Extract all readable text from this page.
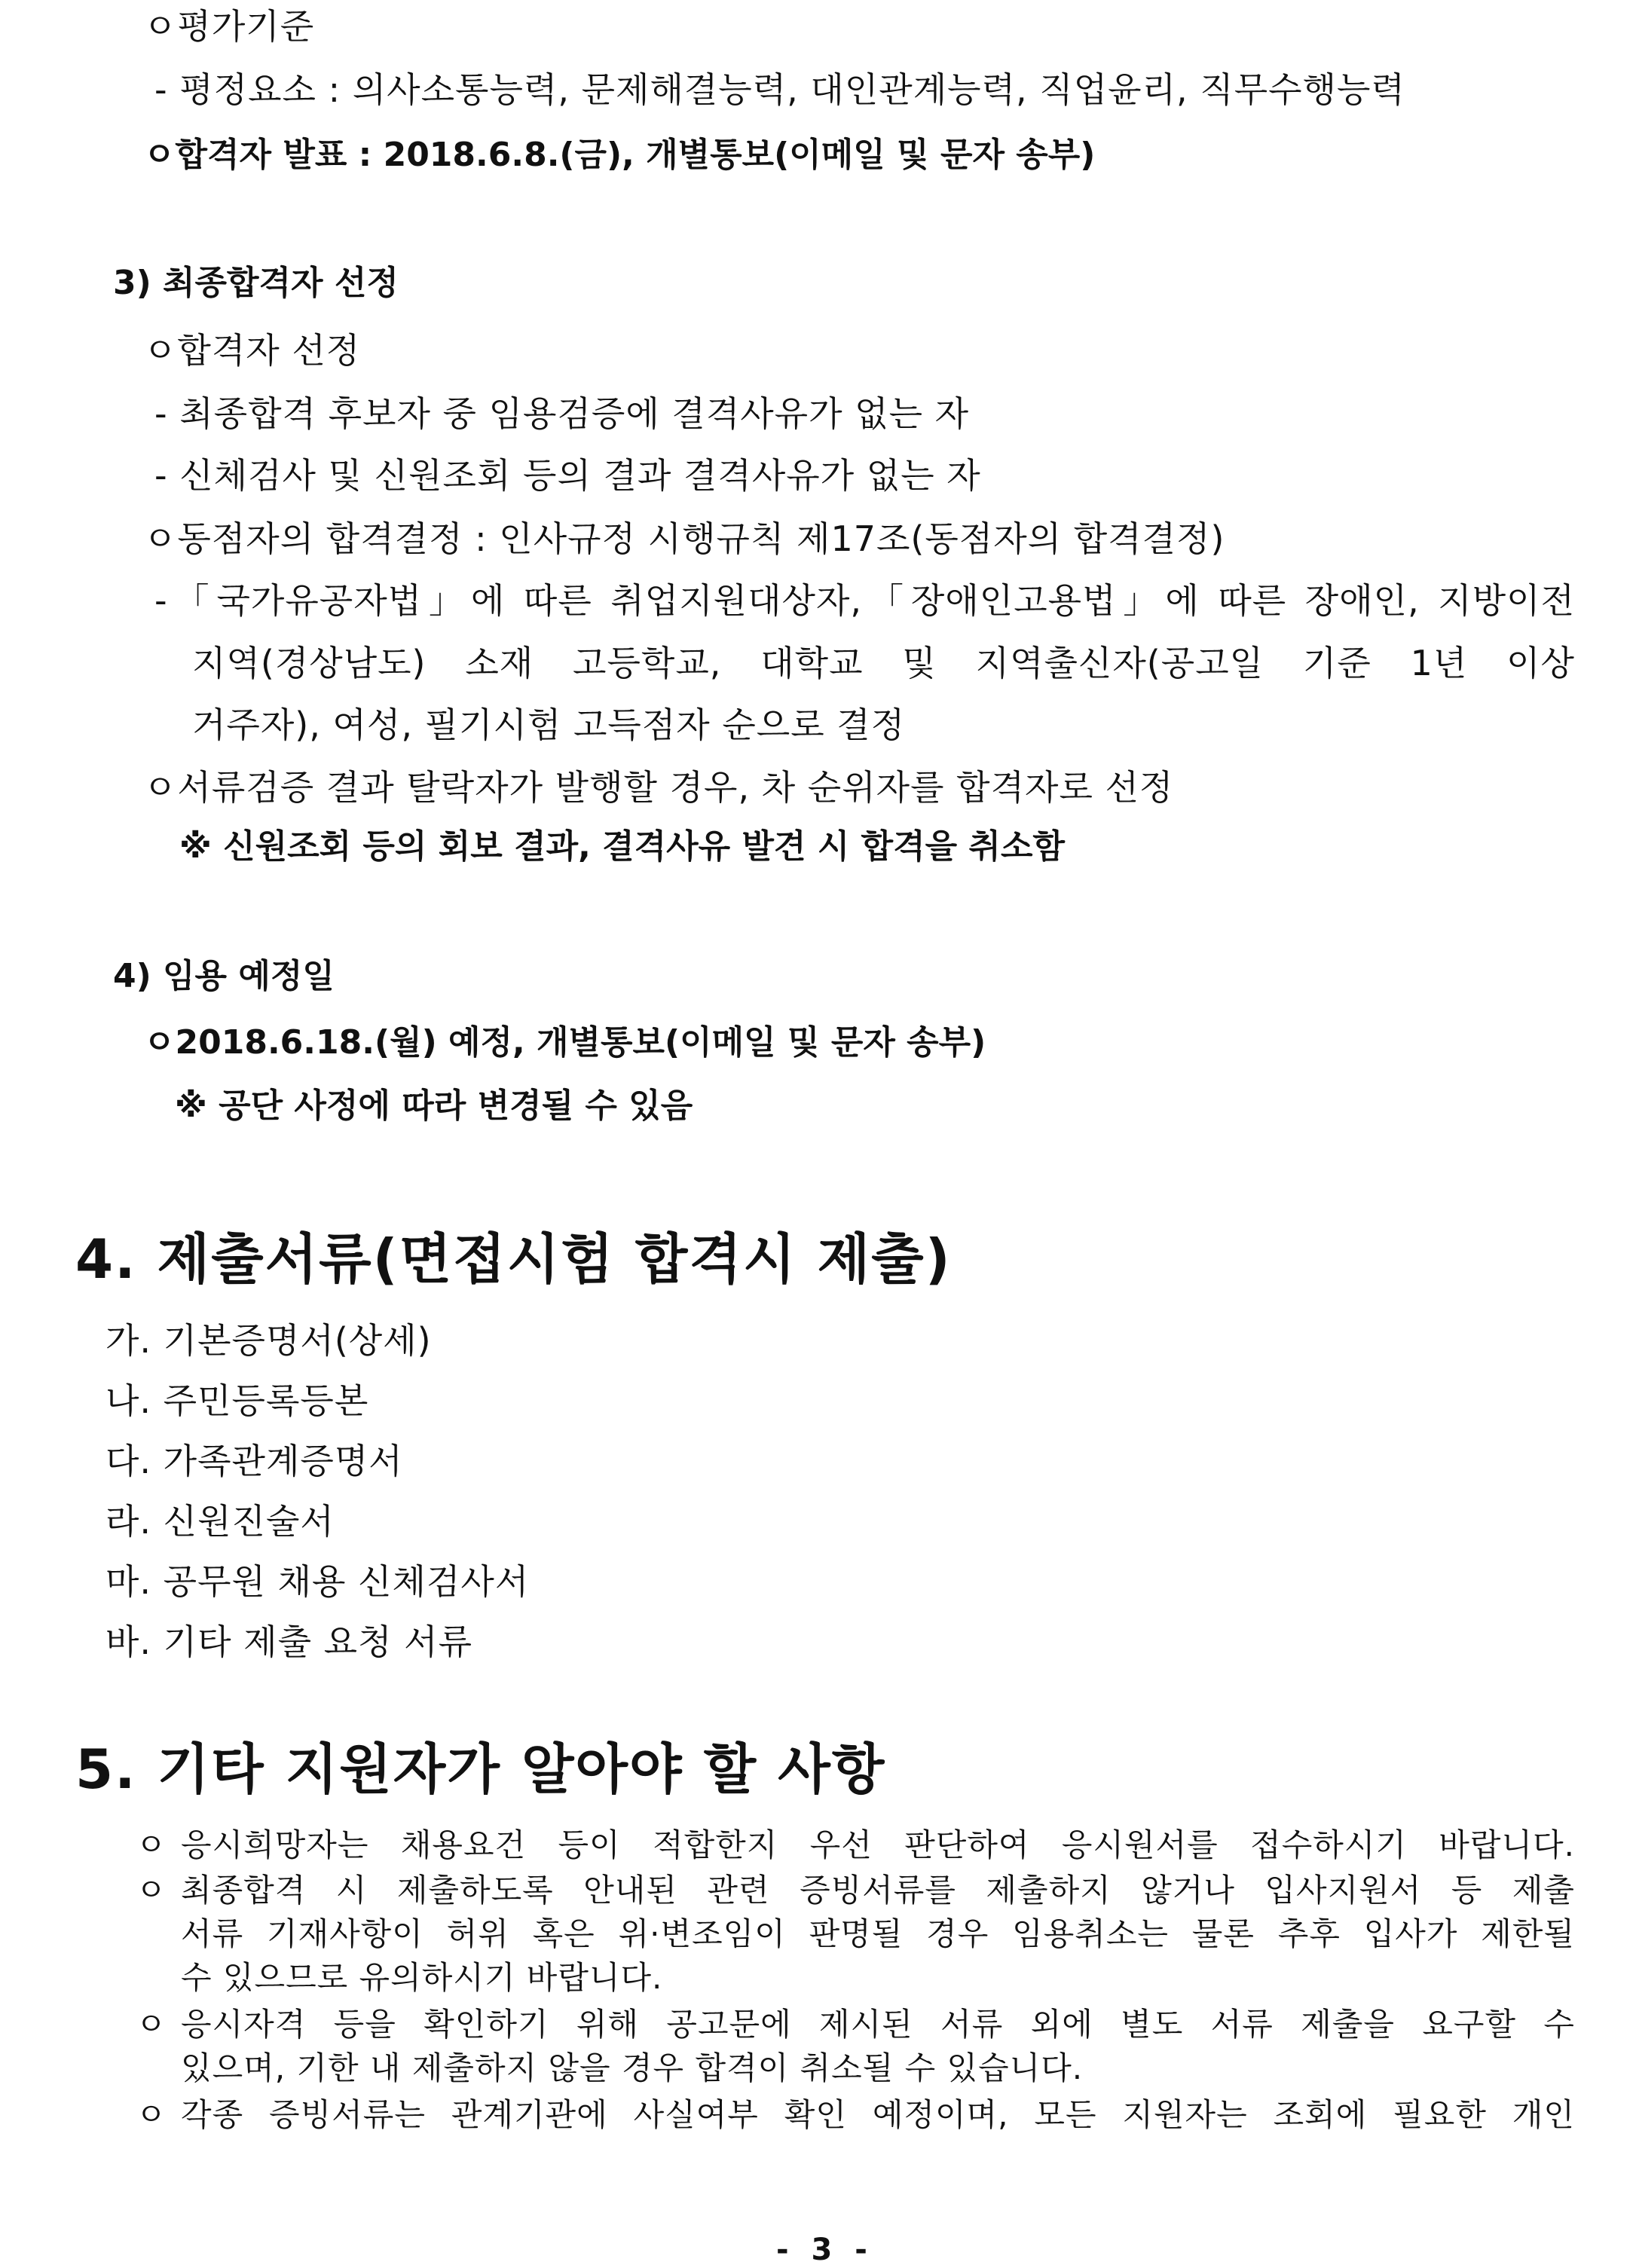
ㅇ평가기준
- 평정요소 : 의사소통능력, 문제해결능력, 대인관계능력, 직업윤리, 직무수행능력
ㅇ합격자 발표 : 2018.6.8.(금), 개별통보(이메일 및 문자 송부)
3) 최종합격자 선정
ㅇ합격자 선정
- 최종합격 후보자 중 임용검증에 결격사유가 없는 자
- 신체검사 및 신원조회 등의 결과 결격사유가 없는 자
ㅇ동점자의 합격결정 : 인사규정 시행규칙 제17조(동점자의 합격결정)
-「국가유공자법」에 따른 취업지원대상자,「장애인고용법」에 따른 장애인, 지방이전
지역(경상남도) 소재 고등학교, 대학교 및 지역출신자(공고일 기준 1년 이상
거주자), 여성, 필기시험 고득점자 순으로 결정
ㅇ서류검증 결과 탈락자가 발행할 경우, 차 순위자를 합격자로 선정
※ 신원조회 등의 회보 결과, 결격사유 발견 시 합격을 취소함
4) 임용 예정일
ㅇ2018.6.18.(월) 예정, 개별통보(이메일 및 문자 송부)
※ 공단 사정에 따라 변경될 수 있음
4. 제출서류(면접시험 합격시 제출)
가. 기본증명서(상세)
나. 주민등록등본
다. 가족관계증명서
라. 신원진술서
마. 공무원 채용 신체검사서
바. 기타 제출 요청 서류
5. 기타 지원자가 알아야 할 사항
ㅇ 응시희망자는 채용요건 등이 적합한지 우선 판단하여 응시원서를 접수하시기 바랍니다.
ㅇ 최종합격 시 제출하도록 안내된 관련 증빙서류를 제출하지 않거나 입사지원서 등 제출
서류 기재사항이 허위 혹은 위·변조임이 판명될 경우 임용취소는 물론 추후 입사가 제한될
수 있으므로 유의하시기 바랍니다.
ㅇ 응시자격 등을 확인하기 위해 공고문에 제시된 서류 외에 별도 서류 제출을 요구할 수
있으며, 기한 내 제출하지 않을 경우 합격이 취소될 수 있습니다.
ㅇ 각종 증빙서류는 관계기관에 사실여부 확인 예정이며, 모든 지원자는 조회에 필요한 개인
- 3 -
